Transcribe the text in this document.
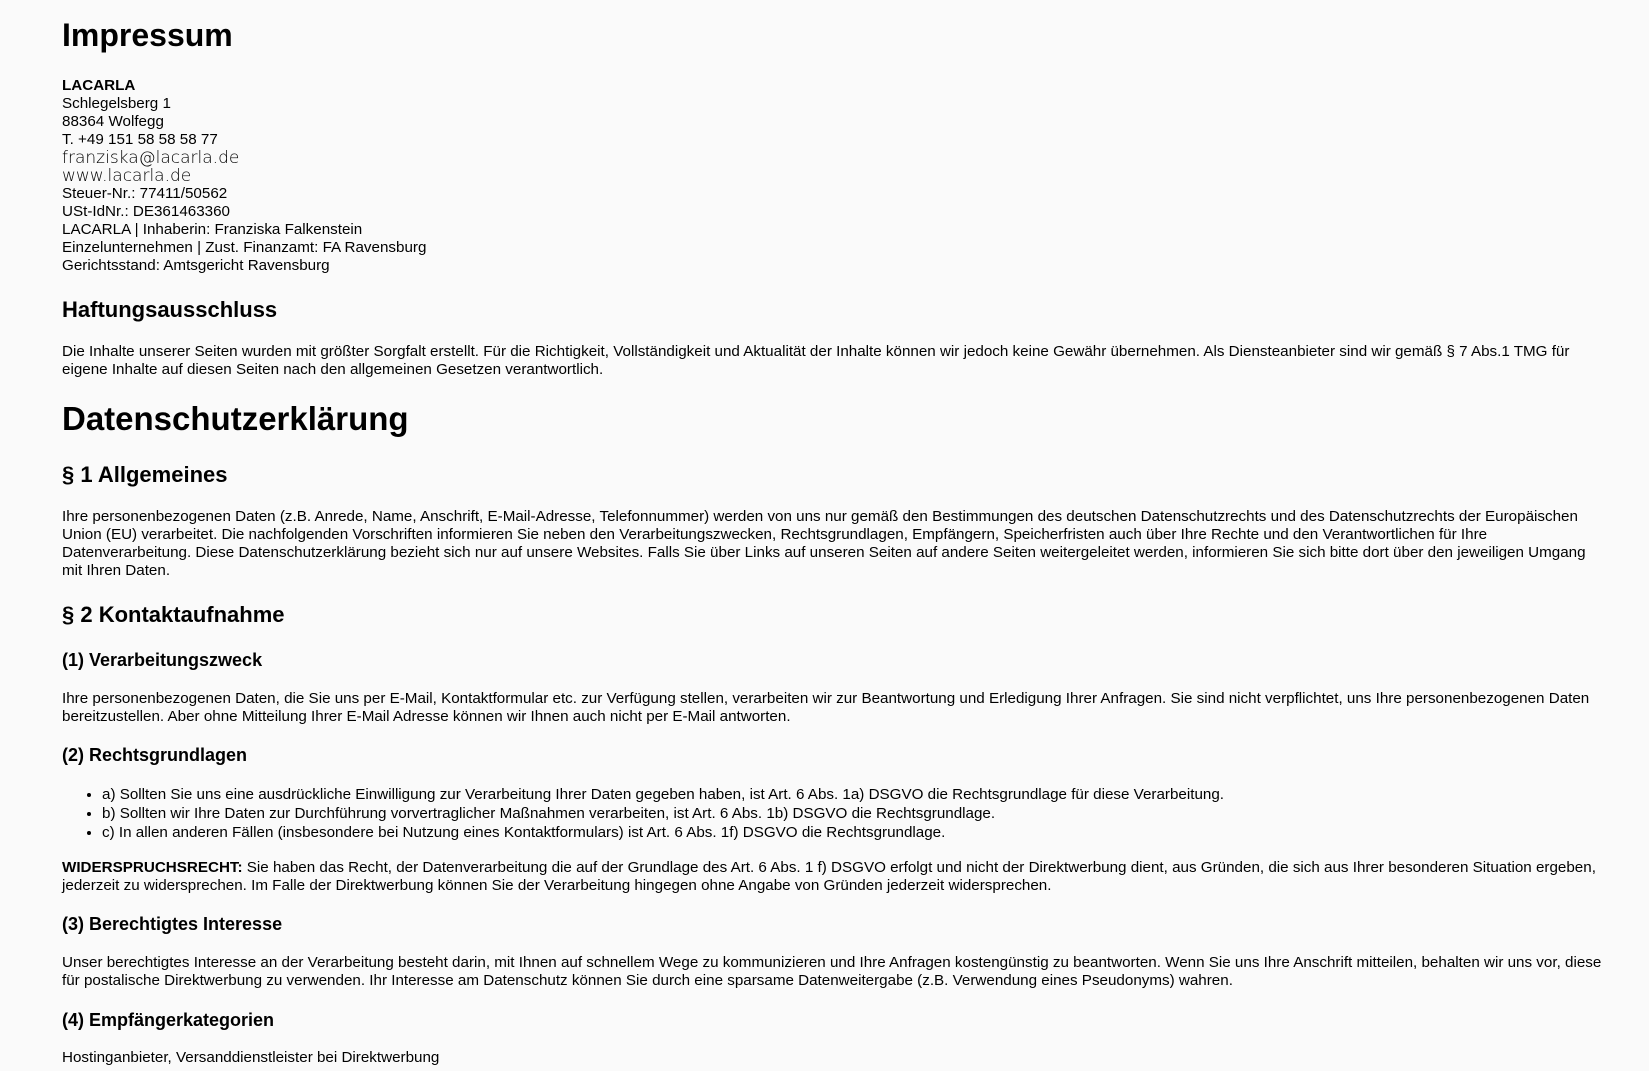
Impressum
LACARLA
Schlegelsberg 1
88364 Wolfegg
T. +49 151 58 58 58 77
franziska@lacarla.de
www.lacarla.de
Steuer-Nr.: 77411/50562
USt-IdNr.: DE361463360
LACARLA | Inhaberin: Franziska Falkenstein
Einzelunternehmen | Zust. Finanzamt: FA Ravensburg
Gerichtsstand: Amtsgericht Ravensburg
Haftungsausschluss

Die Inhalte unserer Seiten wurden mit größter Sorgfalt erstellt. Für die Richtigkeit, Vollständigkeit und Aktualität der Inhalte können wir jedoch keine Gewähr übernehmen. Als Diensteanbieter sind wir gemäß § 7 Abs.1 TMG für eigene Inhalte auf diesen Seiten nach den allgemeinen Gesetzen verantwortlich.

Datenschutzerklärung
§ 1 Allgemeines

Ihre personenbezogenen Daten (z.B. Anrede, Name, Anschrift, E-Mail-Adresse, Telefonnummer) werden von uns nur gemäß den Bestimmungen des deutschen Datenschutzrechts und des Datenschutzrechts der Europäischen Union (EU) verarbeitet. Die nachfolgenden Vorschriften informieren Sie neben den Verarbeitungszwecken, Rechtsgrundlagen, Empfängern, Speicherfristen auch über Ihre Rechte und den Verantwortlichen für Ihre Datenverarbeitung. Diese Datenschutzerklärung bezieht sich nur auf unsere Websites. Falls Sie über Links auf unseren Seiten auf andere Seiten weitergeleitet werden, informieren Sie sich bitte dort über den jeweiligen Umgang mit Ihren Daten.

§ 2 Kontaktaufnahme
(1) Verarbeitungszweck

Ihre personenbezogenen Daten, die Sie uns per E-Mail, Kontaktformular etc. zur Verfügung stellen, verarbeiten wir zur Beantwortung und Erledigung Ihrer Anfragen. Sie sind nicht verpflichtet, uns Ihre personenbezogenen Daten bereitzustellen. Aber ohne Mitteilung Ihrer E-Mail Adresse können wir Ihnen auch nicht per E-Mail antworten.

(2) Rechtsgrundlagen
• a) Sollten Sie uns eine ausdrückliche Einwilligung zur Verarbeitung Ihrer Daten gegeben haben, ist Art. 6 Abs. 1a) DSGVO die Rechtsgrundlage für diese Verarbeitung.
• b) Sollten wir Ihre Daten zur Durchführung vorvertraglicher Maßnahmen verarbeiten, ist Art. 6 Abs. 1b) DSGVO die Rechtsgrundlage.
• c) In allen anderen Fällen (insbesondere bei Nutzung eines Kontaktformulars) ist Art. 6 Abs. 1f) DSGVO die Rechtsgrundlage.

WIDERSPRUCHSRECHT: Sie haben das Recht, der Datenverarbeitung die auf der Grundlage des Art. 6 Abs. 1 f) DSGVO erfolgt und nicht der Direktwerbung dient, aus Gründen, die sich aus Ihrer besonderen Situation ergeben, jederzeit zu widersprechen. Im Falle der Direktwerbung können Sie der Verarbeitung hingegen ohne Angabe von Gründen jederzeit widersprechen.

(3) Berechtigtes Interesse

Unser berechtigtes Interesse an der Verarbeitung besteht darin, mit Ihnen auf schnellem Wege zu kommunizieren und Ihre Anfragen kostengünstig zu beantworten. Wenn Sie uns Ihre Anschrift mitteilen, behalten wir uns vor, diese für postalische Direktwerbung zu verwenden. Ihr Interesse am Datenschutz können Sie durch eine sparsame Datenweitergabe (z.B. Verwendung eines Pseudonyms) wahren.

(4) Empfängerkategorien

Hostinganbieter, Versanddienstleister bei Direktwerbung
